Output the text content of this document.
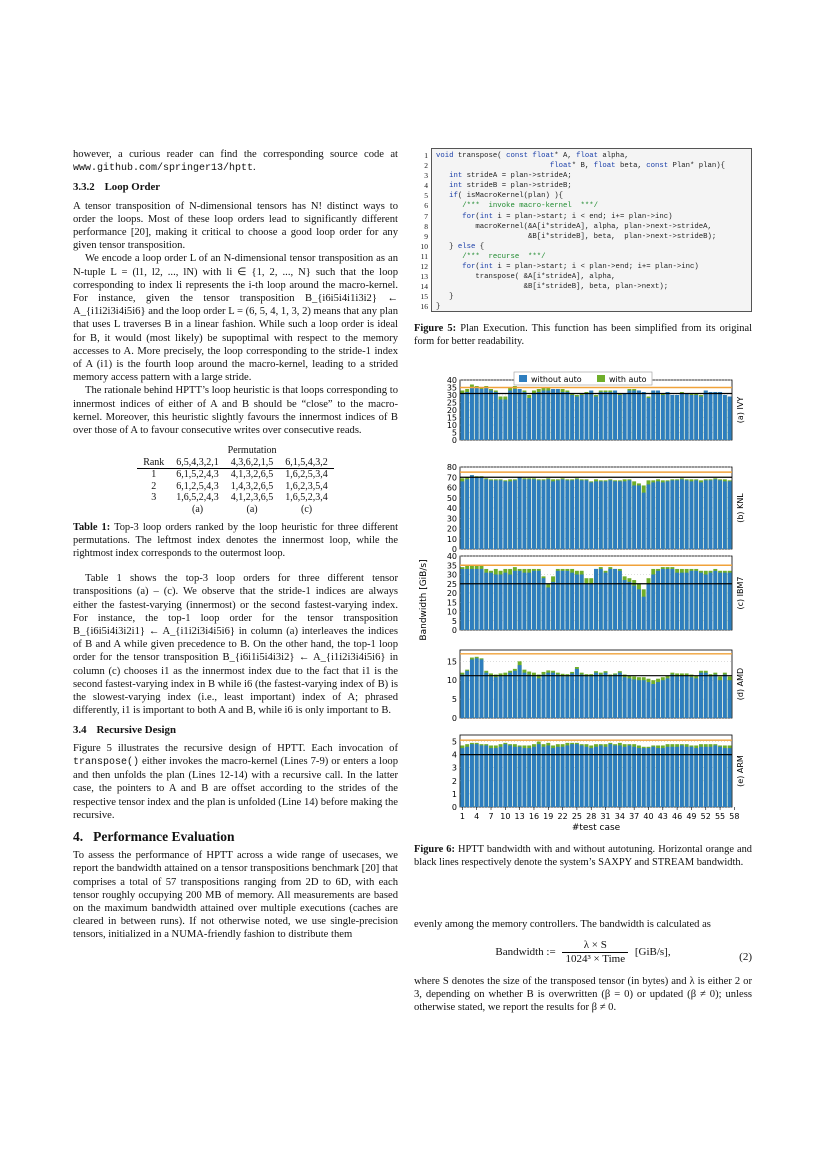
however, a curious reader can find the corresponding source code at www.github.com/springer13/hptt.

3.3.2 Loop Order

A tensor transposition of N-dimensional tensors has N! distinct ways to order the loops. Most of these loop orders lead to significantly different performance [20], making it critical to choose a good loop order for any given tensor transposition.

We encode a loop order L of an N-dimensional tensor transposition as an N-tuple L = (l1, l2, ..., lN) with li ∈ {1, 2, ..., N} such that the loop corresponding to index li represents the i-th loop around the macro-kernel. For instance, given the tensor transposition B_{i6i5i4i1i3i2} ← A_{i1i2i3i4i5i6} and the loop order L = (6, 5, 4, 1, 3, 2) means that any plan that uses L traverses B in a linear fashion. While such a loop order is ideal for B, it would (most likely) be supoptimal with respect to the memory accesses to A. More precisely, the loop corresponding to the stride-1 index of A (i1) is the fourth loop around the macro-kernel, leading to a strided memory access pattern with a large stride.

The rationale behind HPTT’s loop heuristic is that loops corresponding to innermost indices of either of A and B should be “close” to the macro-kernel. Moreover, this heuristic slightly favours the innermost indices of B over those of A to favour consecutive writes over consecutive reads.

	Permutation		
Rank	6,5,4,3,2,1	4,3,6,2,1,5	6,1,5,4,3,2

1	6,1,5,2,4,3	4,1,3,2,6,5	1,6,2,5,3,4
2	6,1,2,5,4,3	1,4,3,2,6,5	1,6,2,3,5,4
3	1,6,5,2,4,3	4,1,2,3,6,5	1,6,5,2,3,4
	(a)	(a)	(c)
Table 1: Top-3 loop orders ranked by the loop heuristic for three different permutations. The leftmost index denotes the innermost loop, while the rightmost index corresponds to the outermost loop.

Table 1 shows the top-3 loop orders for three different tensor transpositions (a) – (c). We observe that the stride-1 indices are always either the fastest-varying (innermost) or the second fastest-varying index. For instance, the top-1 loop order for the tensor transposition B_{i6i5i4i3i2i1} ← A_{i1i2i3i4i5i6} in column (a) interleaves the indices of B and A while given precedence to B. On the other hand, the top-1 loop order for the tensor transposition B_{i6i1i5i4i3i2} ← A_{i1i2i3i4i5i6} in column (c) chooses i1 as the innermost index due to the fact that i1 is the second fastest-varying index in B while i6 (the fastest-varying index of B) is the slowest-varying index (i.e., least important) index of A; phrased differently, i1 is important to both A and B, while i6 is only important to B.

3.4 Recursive Design

Figure 5 illustrates the recursive design of HPTT. Each invocation of transpose() either invokes the macro-kernel (Lines 7-9) or enters a loop and then unfolds the plan (Lines 12-14) with a recursive call. In the latter case, the pointers to A and B are offset according to the strides of the respective tensor index and the plan is unfolded (Line 14) before making the recursive.

4. Performance Evaluation

To assess the performance of HPTT across a wide range of usecases, we report the bandwidth attained on a tensor transpositions benchmark [20] that comprises a total of 57 transpositions ranging from 2D to 6D, with each tensor roughly occupying 200 MB of memory. All measurements are based on the maximum bandwidth attained over multiple executions (caches are cleared in between runs). If not otherwise noted, we use single-precision tensors, initialized in a NUMA-friendly fashion to distribute them

1
2
3
4
5
6
7
8
9
10
11
12
13
14
15
16
void transpose( const float* A, float alpha,
float* B, float beta, const Plan* plan){
int strideA = plan->strideA;
int strideB = plan->strideB;
if( isMacroKernel(plan) ){
/***  invoke macro-kernel  ***/
for(int i = plan->start; i < end; i+= plan->inc)
macroKernel(&A[i*strideA], alpha, plan->next->strideA,
&B[i*strideB], beta,  plan->next->strideB);
} else {
/***  recurse  ***/
for(int i = plan->start; i < plan->end; i+= plan->inc)
transpose( &A[i*strideA], alpha,
&B[i*strideB], beta, plan->next);
}
}
Figure 5: Plan Execution. This function has been simplified from its original form for better readability.
0
5
10
15
20
25
30
35
40
(a) IVY
0
10
20
30
40
50
60
70
80
(b) KNL
0
5
10
15
20
25
30
35
40
(c) IBM7
0
5
10
15
(d) AMD
0
1
2
3
4
5
(e) ARM
without auto	with auto
1 4 7 10 13 16 19 22 25 28 31 34 37 40 43 46 49 52 55 58
#test case
Bandwidth [GiB/s]
Figure 6: HPTT bandwidth with and without autotuning. Horizontal orange and black lines respectively denote the system’s SAXPY and STREAM bandwidth.

evenly among the memory controllers. The bandwidth is calculated as

Bandwidth := $\frac{\lambda \times S}{\text{1024³ × Time}} [GiB/s]$,	(2)

where S denotes the size of the transposed tensor (in bytes) and λ is either 2 or 3, depending on whether B is overwritten (β = 0) or updated (β ≠ 0); unless otherwise stated, we report the results for β ≠ 0.
